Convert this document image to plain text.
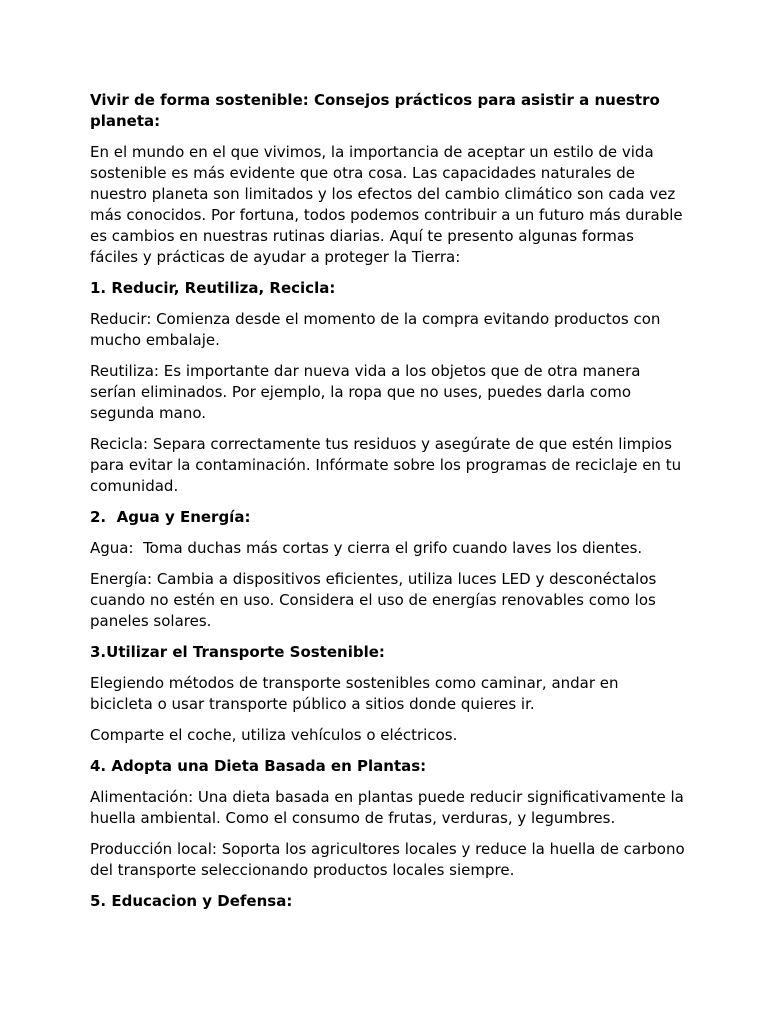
Vivir de forma sostenible: Consejos prácticos para asistir a nuestro planeta:
En el mundo en el que vivimos, la importancia de aceptar un estilo de vida sostenible es más evidente que otra cosa. Las capacidades naturales de nuestro planeta son limitados y los efectos del cambio climático son cada vez más conocidos. Por fortuna, todos podemos contribuir a un futuro más durable es cambios en nuestras rutinas diarias. Aquí te presento algunas formas fáciles y prácticas de ayudar a proteger la Tierra:
1. Reducir, Reutiliza, Recicla:
Reducir: Comienza desde el momento de la compra evitando productos con mucho embalaje.
Reutiliza: Es importante dar nueva vida a los objetos que de otra manera serían eliminados. Por ejemplo, la ropa que no uses, puedes darla como segunda mano.
Recicla: Separa correctamente tus residuos y asegúrate de que estén limpios para evitar la contaminación. Infórmate sobre los programas de reciclaje en tu comunidad.
2.  Agua y Energía:
Agua:  Toma duchas más cortas y cierra el grifo cuando laves los dientes.
Energía: Cambia a dispositivos eficientes, utiliza luces LED y desconéctalos cuando no estén en uso. Considera el uso de energías renovables como los paneles solares.
3.Utilizar el Transporte Sostenible:
Elegiendo métodos de transporte sostenibles como caminar, andar en bicicleta o usar transporte público a sitios donde quieres ir.
Comparte el coche, utiliza vehículos o eléctricos.
4. Adopta una Dieta Basada en Plantas:
Alimentación: Una dieta basada en plantas puede reducir significativamente la huella ambiental. Como el consumo de frutas, verduras, y legumbres.
Producción local: Soporta los agricultores locales y reduce la huella de carbono del transporte seleccionando productos locales siempre.
5. Educacion y Defensa:
